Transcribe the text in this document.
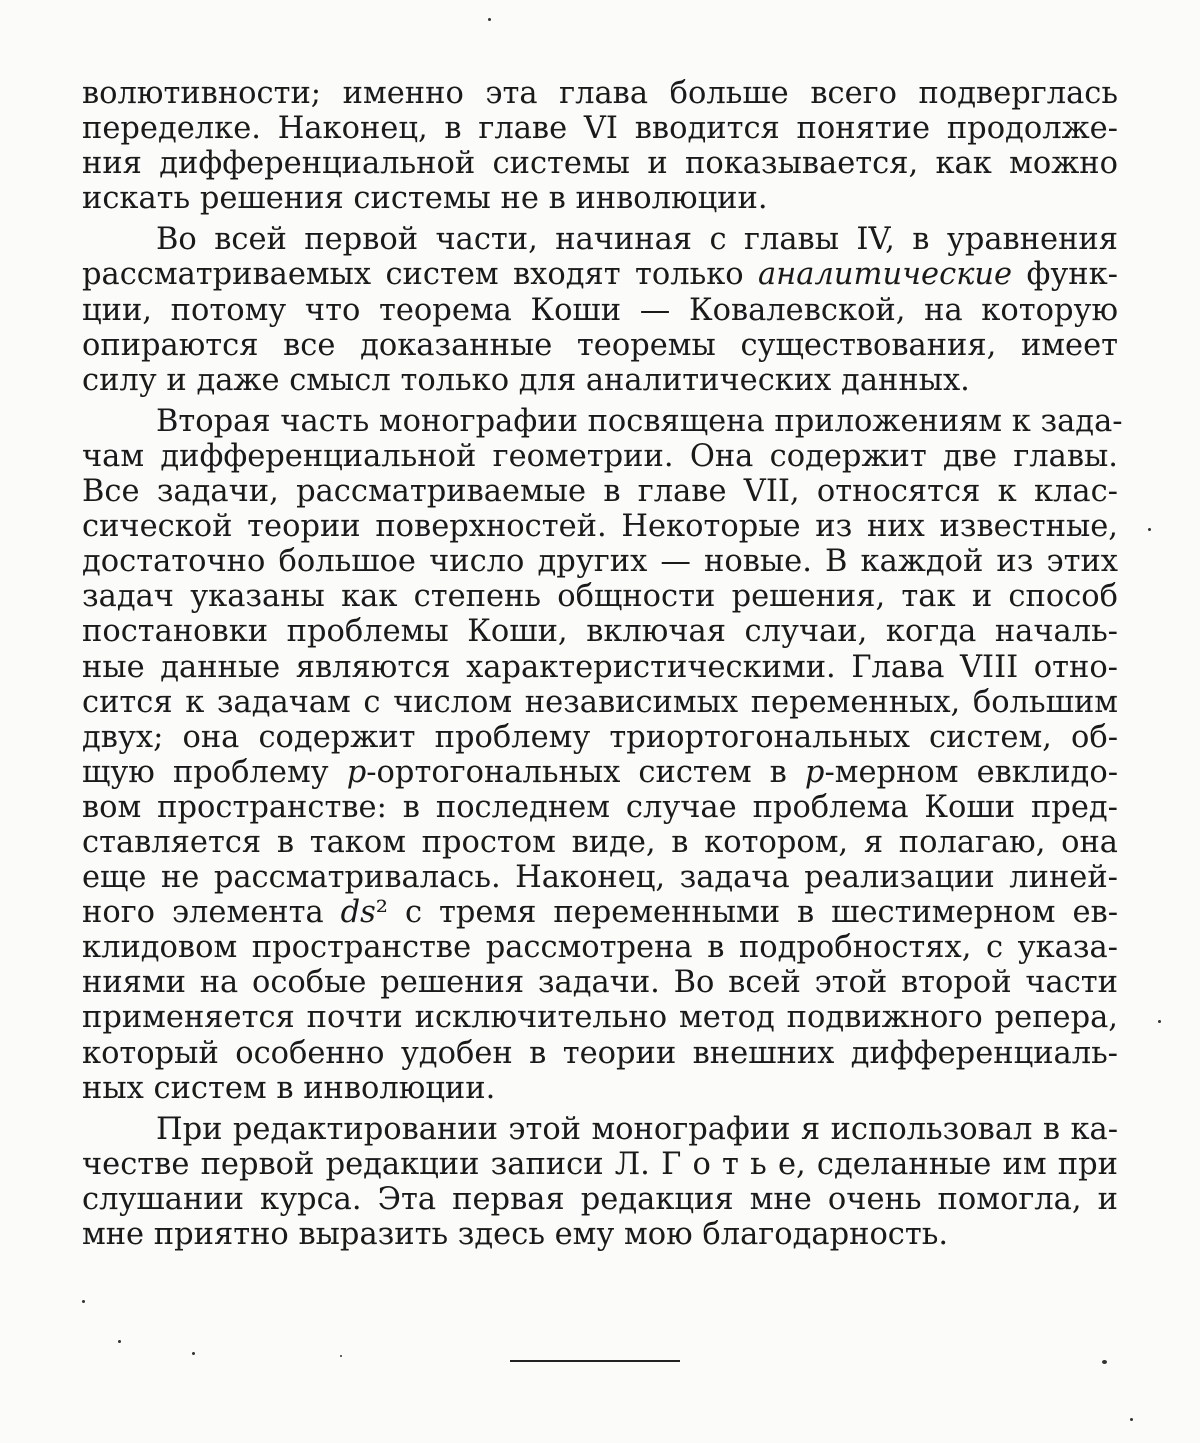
волютивности; именно эта глава больше всего подверглась
переделке. Наконец, в главе VI вводится понятие продолже-
ния дифференциальной системы и показывается, как можно
искать решения системы не в инволюции.
Во всей первой части, начиная с главы IV, в уравнения
рассматриваемых систем входят только аналитические функ-
ции, потому что теорема Коши — Ковалевской, на которую
опираются все доказанные теоремы существования, имеет
силу и даже смысл только для аналитических данных.
Вторая часть монографии посвящена приложениям к зада-
чам дифференциальной геометрии. Она содержит две главы.
Все задачи, рассматриваемые в главе VII, относятся к клас-
сической теории поверхностей. Некоторые из них известные,
достаточно большое число других — новые. В каждой из этих
задач указаны как степень общности решения, так и способ
постановки проблемы Коши, включая случаи, когда началь-
ные данные являются характеристическими. Глава VIII отно-
сится к задачам с числом независимых переменных, большим
двух; она содержит проблему триортогональных систем, об-
щую проблему p-ортогональных систем в p-мерном евклидо-
вом пространстве: в последнем случае проблема Коши пред-
ставляется в таком простом виде, в котором, я полагаю, она
еще не рассматривалась. Наконец, задача реализации линей-
ного элемента ds² с тремя переменными в шестимерном ев-
клидовом пространстве рассмотрена в подробностях, с указа-
ниями на особые решения задачи. Во всей этой второй части
применяется почти исключительно метод подвижного репера,
который особенно удобен в теории внешних дифференциаль-
ных систем в инволюции.
При редактировании этой монографии я использовал в ка-
честве первой редакции записи Л. Г о т ь е, сделанные им при
слушании курса. Эта первая редакция мне очень помогла, и
мне приятно выразить здесь ему мою благодарность.
